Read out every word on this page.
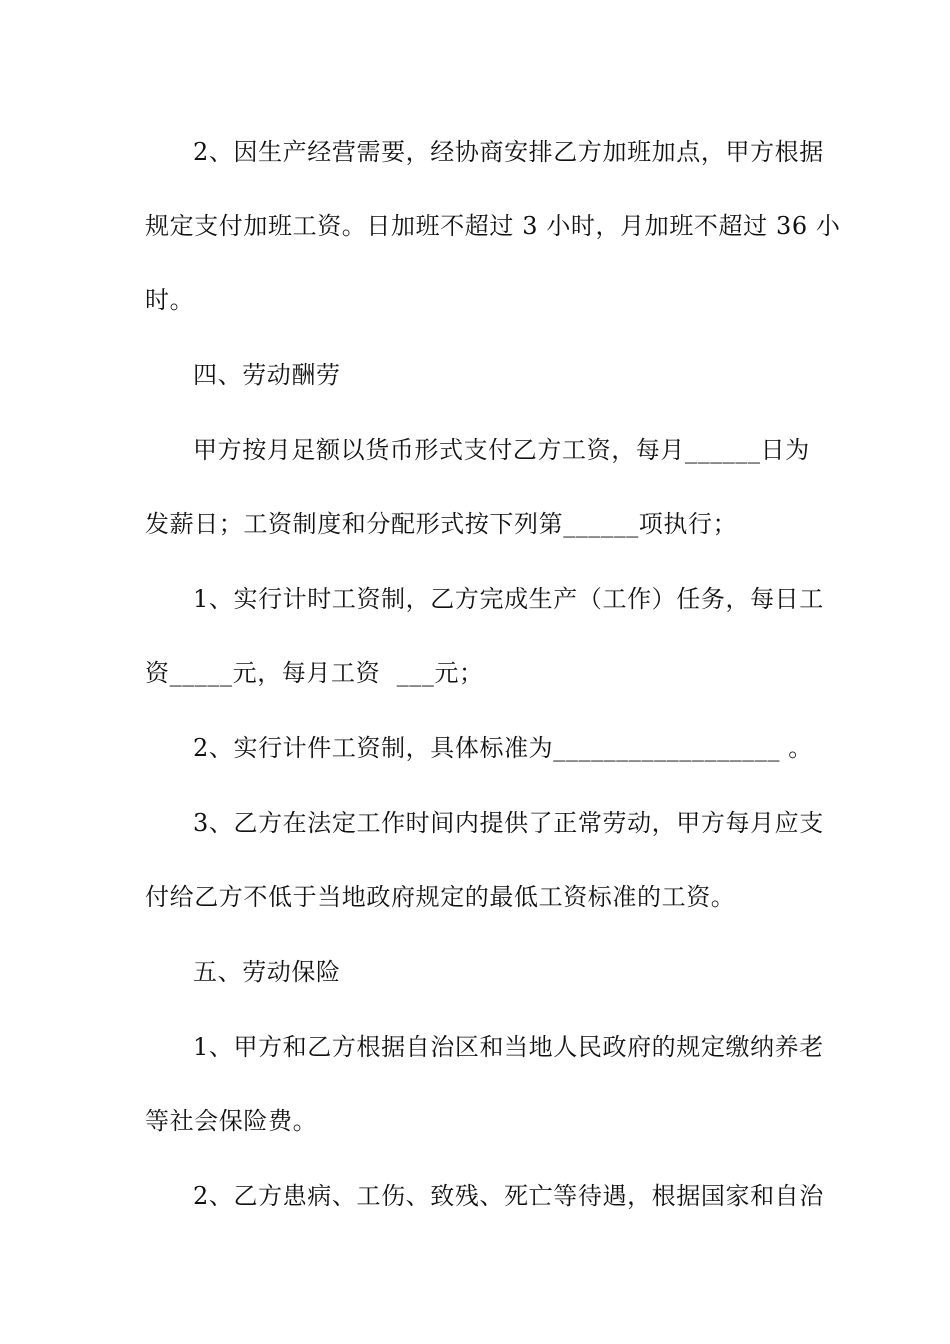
2、因生产经营需要，经协商安排乙方加班加点，甲方根据
规定支付加班工资。日加班不超过 3 小时，月加班不超过 36 小
时。
四、劳动酬劳
甲方按月足额以货币形式支付乙方工资，每月______日为
发薪日；工资制度和分配形式按下列第______项执行；
1、实行计时工资制，乙方完成生产（工作）任务，每日工
资_____元，每月工资  ___元；
2、实行计件工资制，具体标准为__________________ 。
3、乙方在法定工作时间内提供了正常劳动，甲方每月应支
付给乙方不低于当地政府规定的最低工资标准的工资。
五、劳动保险
1、甲方和乙方根据自治区和当地人民政府的规定缴纳养老
等社会保险费。
2、乙方患病、工伤、致残、死亡等待遇，根据国家和自治
